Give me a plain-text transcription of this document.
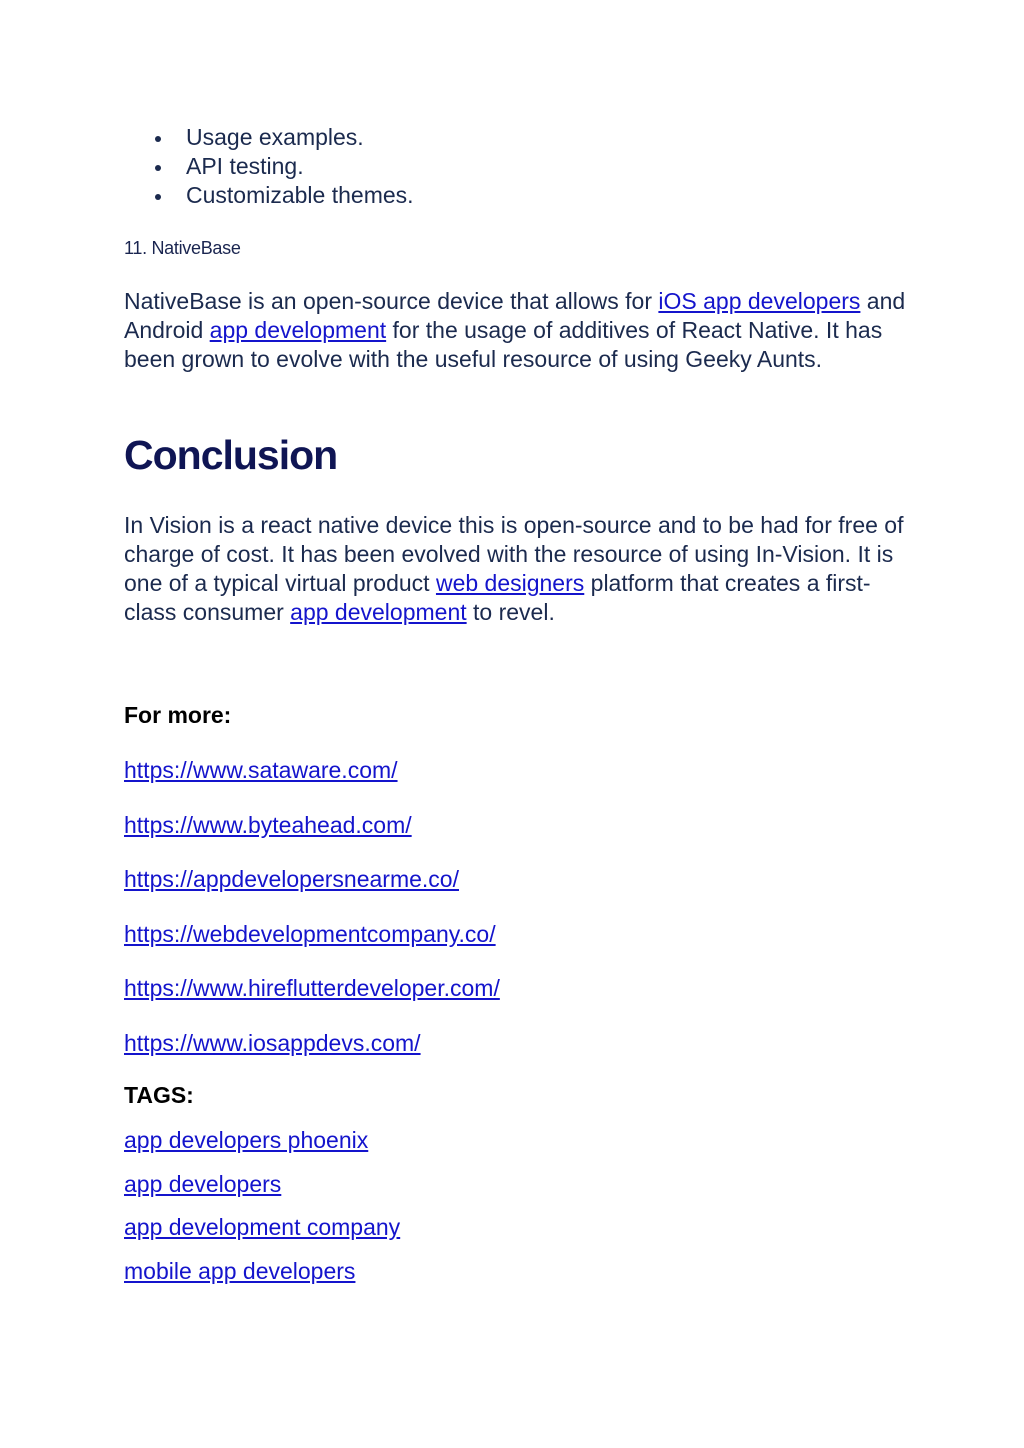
Usage examples.
API testing.
Customizable themes.
11. NativeBase

NativeBase is an open-source device that allows for iOS app developers and Android app development for the usage of additives of React Native. It has been grown to evolve with the useful resource of using Geeky Aunts.

Conclusion

In Vision is a react native device this is open-source and to be had for free of charge of cost. It has been evolved with the resource of using In-Vision. It is one of a typical virtual product web designers platform that creates a first-class consumer app development to revel.

For more:
https://www.sataware.com/
https://www.byteahead.com/
https://appdevelopersnearme.co/
https://webdevelopmentcompany.co/
https://www.hireflutterdeveloper.com/
https://www.iosappdevs.com/
TAGS:
app developers phoenix
app developers
app development company
mobile app developers
